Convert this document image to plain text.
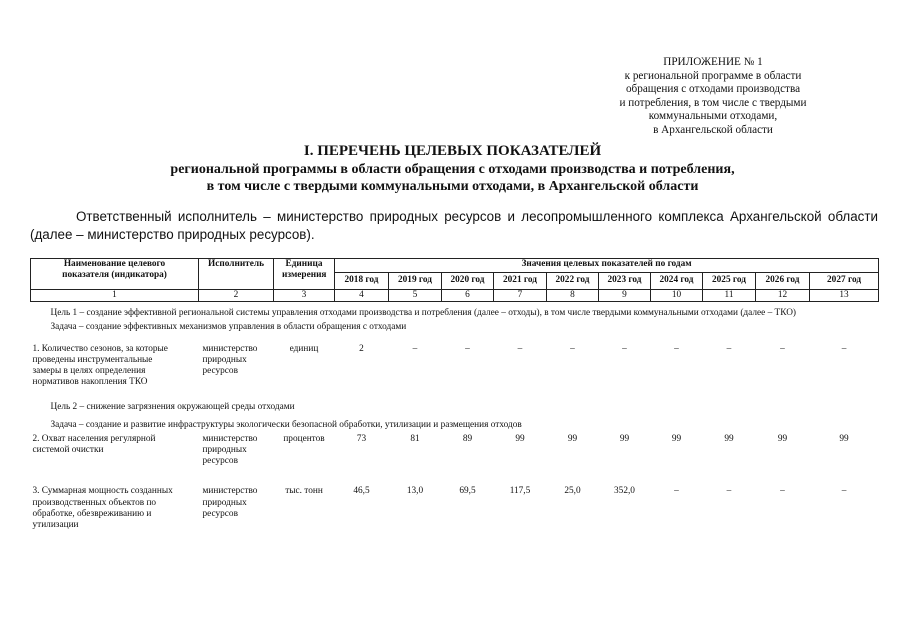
ПРИЛОЖЕНИЕ № 1
к региональной программе в области
обращения с отходами производства
и потребления, в том числе с твердыми
коммунальными отходами,
в Архангельской области
I. ПЕРЕЧЕНЬ ЦЕЛЕВЫХ ПОКАЗАТЕЛЕЙ
региональной программы в области обращения с отходами производства и потребления,
в том числе с твердыми коммунальными отходами, в Архангельской области
Ответственный исполнитель – министерство природных ресурсов и лесопромышленного комплекса Архангельской области
(далее – министерство природных ресурсов).
Наименование целевого показателя (индикатора)	Исполнитель	Единица измерения	Значения целевых показателей по годам									
			2018 год	2019 год	2020 год	2021 год	2022 год	2023 год	2024 год	2025 год	2026 год	2027 год
1	2	3	4	5	6	7	8	9	10	11	12	13
Цель 1 – создание эффективной региональной системы управления отходами производства и потребления (далее – отходы), в том числе твердыми коммунальными отходами (далее – ТКО)												
Задача – создание эффективных механизмов управления в области обращения с отходами												
1. Количество сезонов, за которые проведены инструментальные замеры в целях определения нормативов накопления ТКО	министерство природных ресурсов	единиц	2	–	–	–	–	–	–	–	–	–
Цель 2 – снижение загрязнения окружающей среды отходами												
Задача – создание и развитие инфраструктуры экологически безопасной обработки, утилизации и размещения отходов												
2. Охват населения регулярной системой очистки	министерство природных ресурсов	процентов	73	81	89	99	99	99	99	99	99	99
3. Суммарная мощность созданных производственных объектов по обработке, обезвреживанию и утилизации	министерство природных ресурсов	тыс. тонн	46,5	13,0	69,5	117,5	25,0	352,0	–	–	–	–
